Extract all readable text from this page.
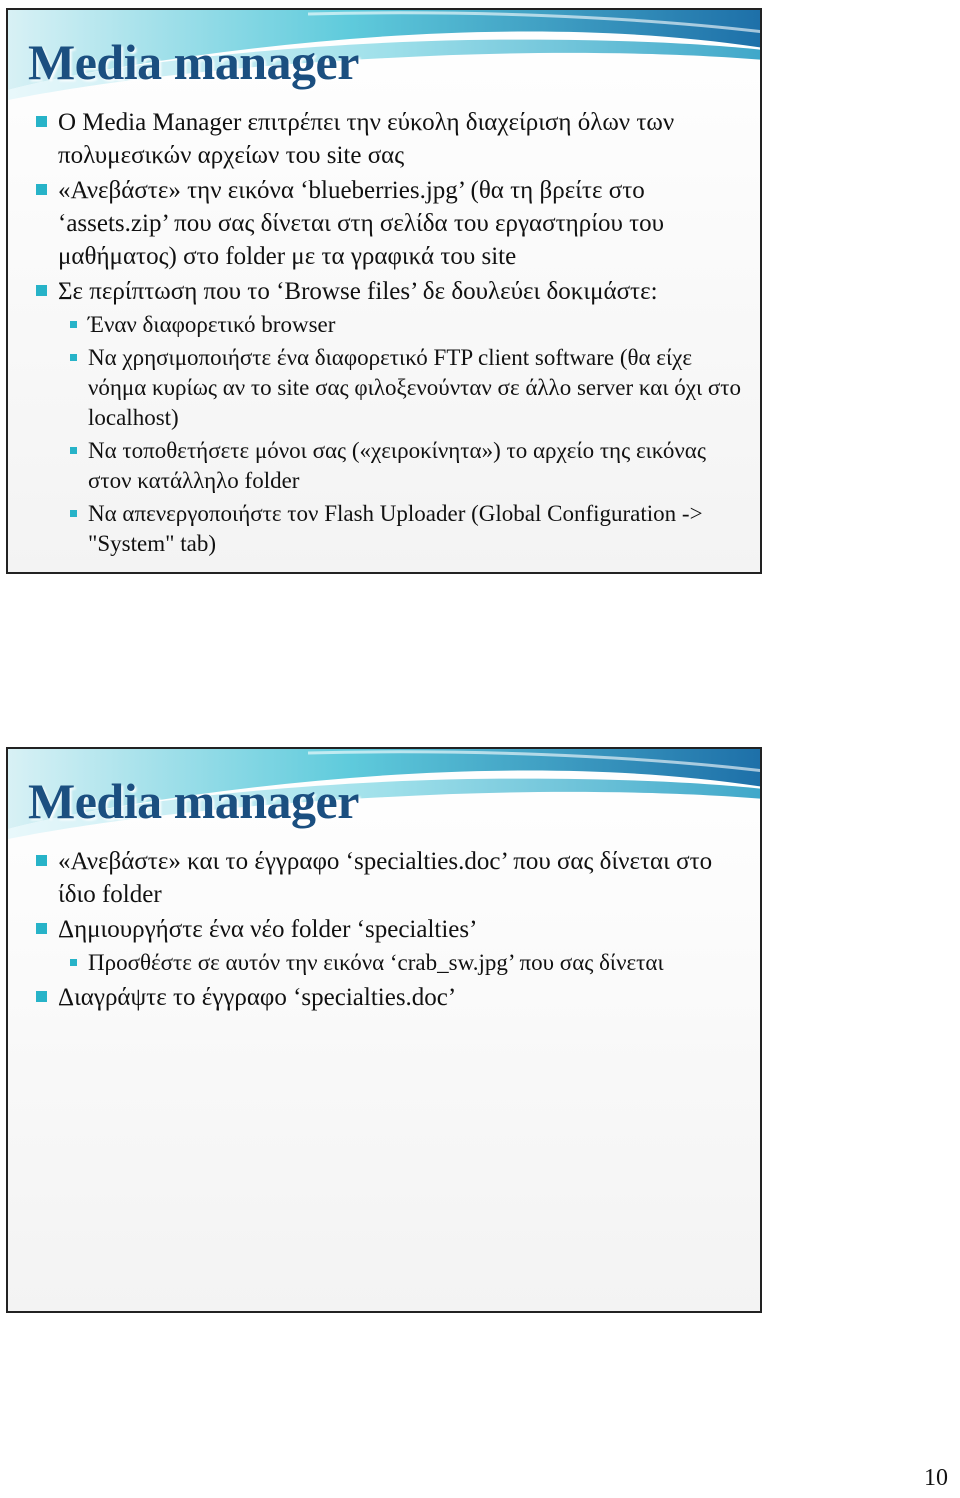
Media manager
Ο Media Manager επιτρέπει την εύκολη διαχείριση όλων των πολυμεσικών αρχείων του site σας
«Ανεβάστε» την εικόνα ‘blueberries.jpg’ (θα τη βρείτε στο ‘assets.zip’ που σας δίνεται στη σελίδα του εργαστηρίου του μαθήματος) στο folder με τα γραφικά του site
Σε περίπτωση που το ‘Browse files’ δε δουλεύει δοκιμάστε:
Έναν διαφορετικό browser
Να χρησιμοποιήστε ένα διαφορετικό FTP client software (θα είχε νόημα κυρίως αν το site σας φιλοξενούνταν σε άλλο server και όχι στο localhost)
Να τοποθετήσετε μόνοι σας («χειροκίνητα») το αρχείο της εικόνας στον κατάλληλο folder
Να απενεργοποιήστε τον Flash Uploader (Global Configuration -> "System" tab)
Media manager
«Ανεβάστε» και το έγγραφο ‘specialties.doc’ που σας δίνεται στο ίδιο folder
Δημιουργήστε ένα νέο folder ‘specialties’
Προσθέστε σε αυτόν την εικόνα ‘crab_sw.jpg’ που σας δίνεται
Διαγράψτε το έγγραφο ‘specialties.doc’
10
